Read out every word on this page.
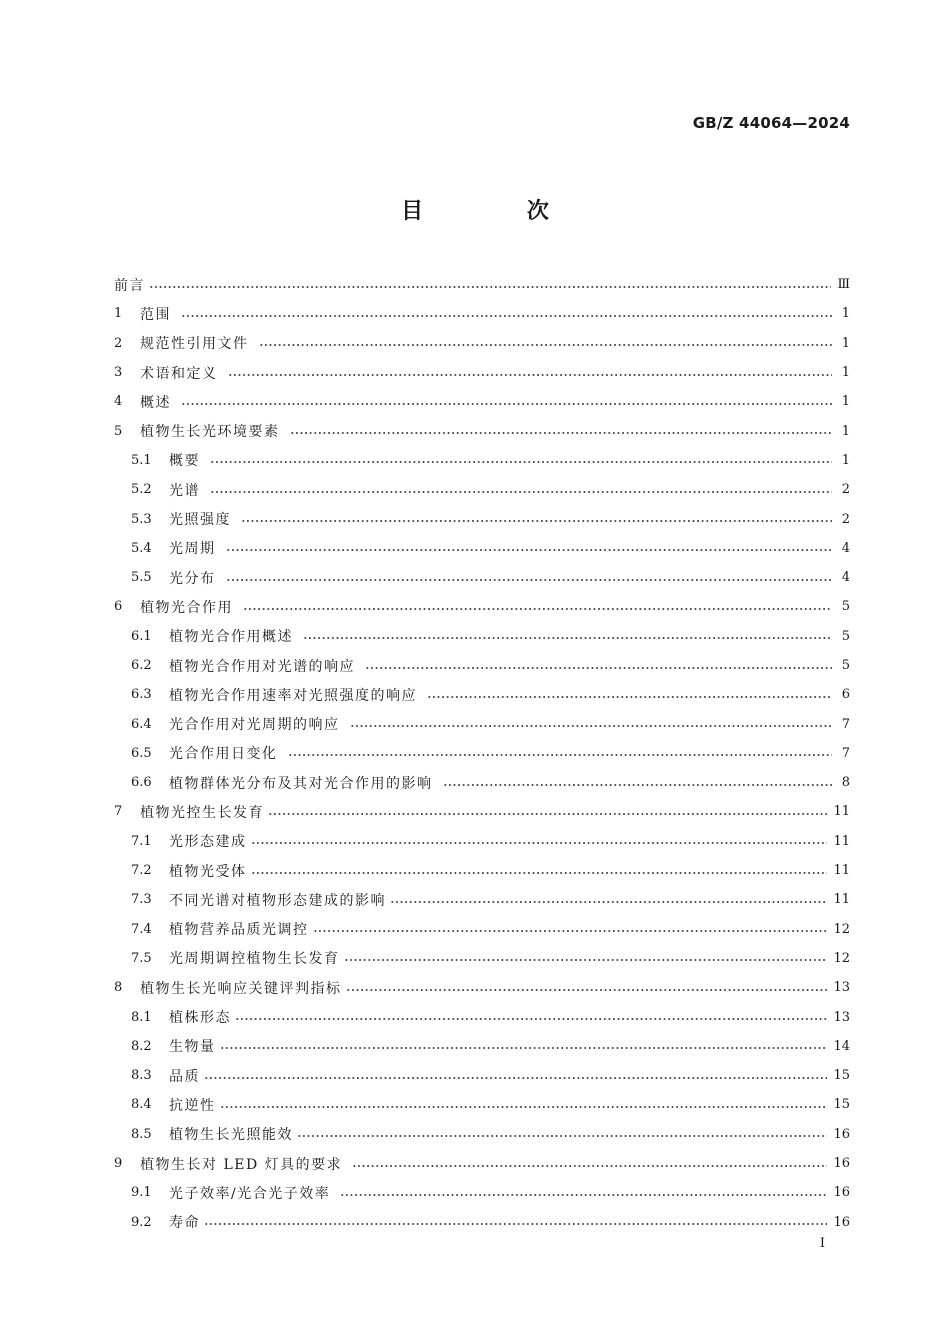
GB/Z 44064—2024
目 次
前言	Ⅲ
1	范围	1
2	规范性引用文件	1
3	术语和定义	1
4	概述	1
5	植物生长光环境要素	1
5.1	概要	1
5.2	光谱	2
5.3	光照强度	2
5.4	光周期	4
5.5	光分布	4
6	植物光合作用	5
6.1	植物光合作用概述	5
6.2	植物光合作用对光谱的响应	5
6.3	植物光合作用速率对光照强度的响应	6
6.4	光合作用对光周期的响应	7
6.5	光合作用日变化	7
6.6	植物群体光分布及其对光合作用的影响	8
7	植物光控生长发育	11
7.1	光形态建成	11
7.2	植物光受体	11
7.3	不同光谱对植物形态建成的影响	11
7.4	植物营养品质光调控	12
7.5	光周期调控植物生长发育	12
8	植物生长光响应关键评判指标	13
8.1	植株形态	13
8.2	生物量	14
8.3	品质	15
8.4	抗逆性	15
8.5	植物生长光照能效	16
9	植物生长对 LED 灯具的要求	16
9.1	光子效率/光合光子效率	16
9.2	寿命	16
I
